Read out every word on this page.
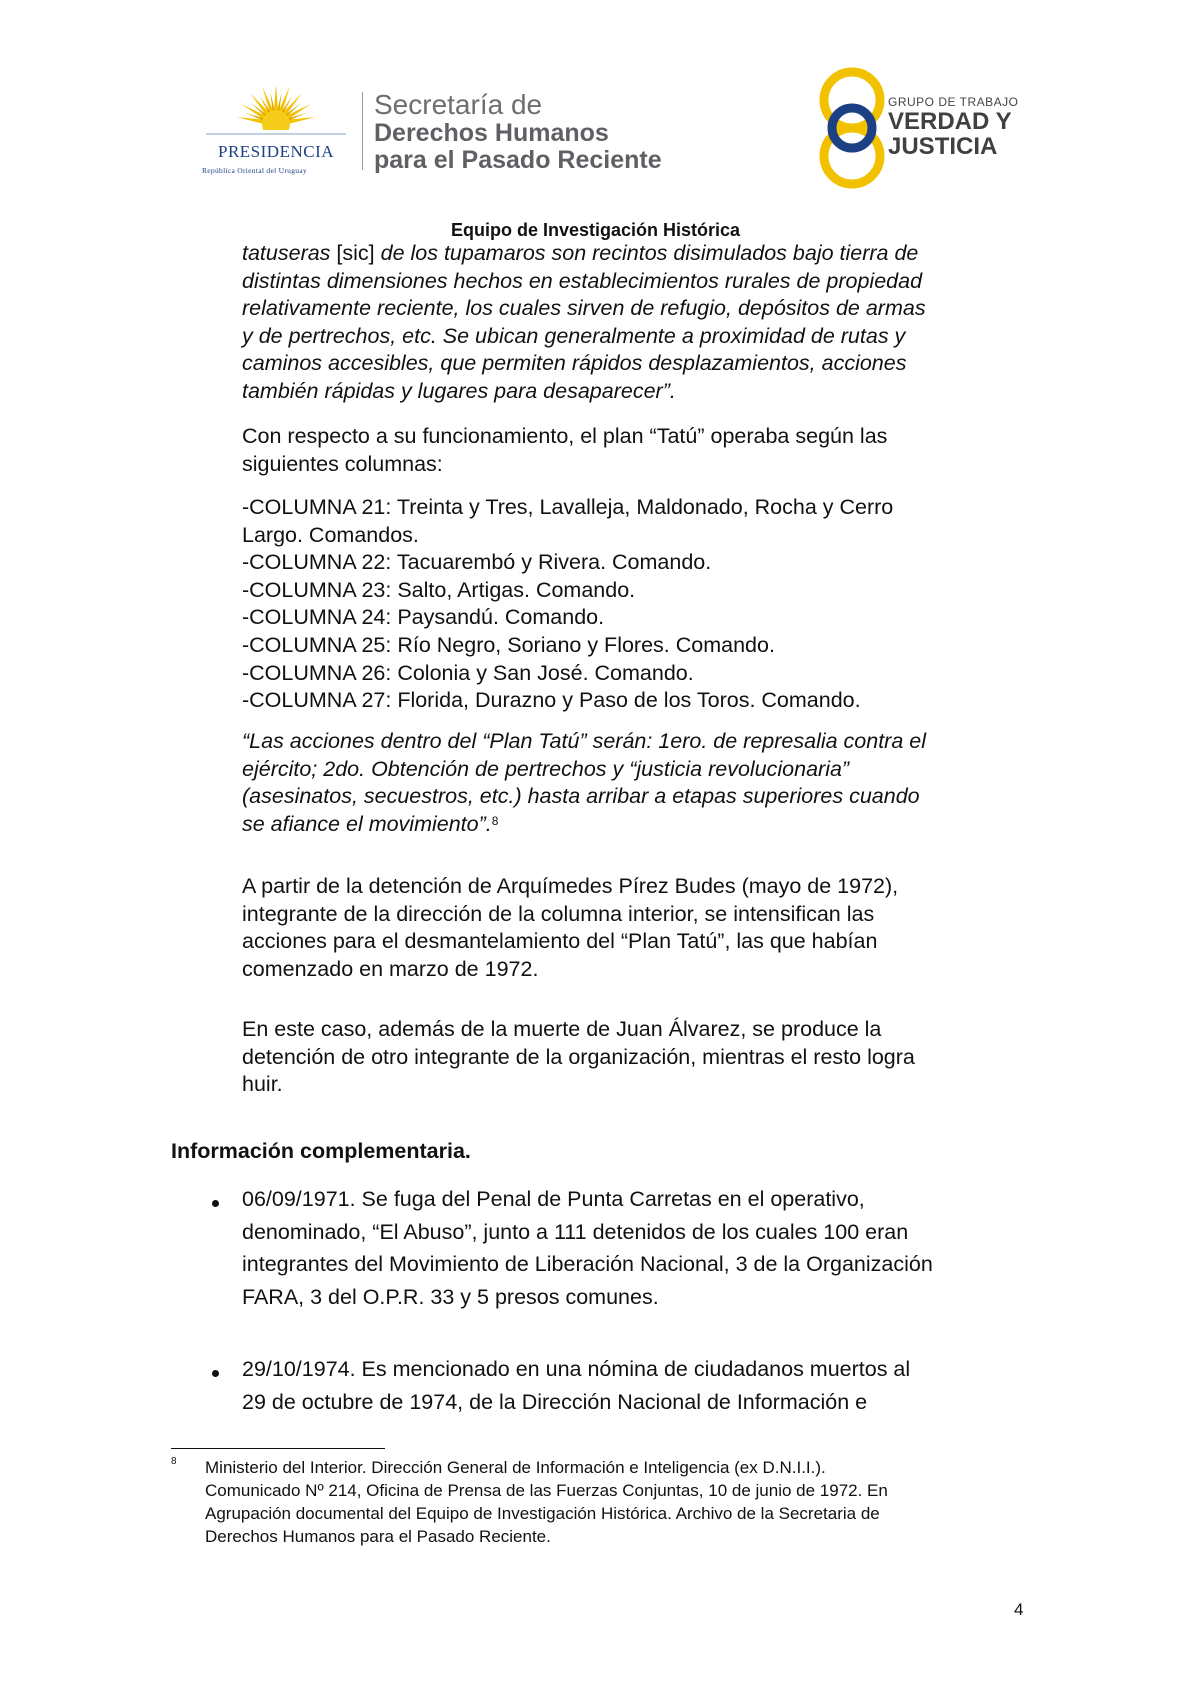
PRESIDENCIA
República Oriental del Uruguay
Secretaría de
Derechos Humanos
para el Pasado Reciente
GRUPO DE TRABAJO
VERDAD Y
JUSTICIA
Equipo de Investigación Histórica

tatuseras [sic] de los tupamaros son recintos disimulados bajo tierra de
distintas dimensiones hechos en establecimientos rurales de propiedad
relativamente reciente, los cuales sirven de refugio, depósitos de armas
y de pertrechos, etc. Se ubican generalmente a proximidad de rutas y
caminos accesibles, que permiten rápidos desplazamientos, acciones
también rápidas y lugares para desaparecer”.

Con respecto a su funcionamiento, el plan “Tatú” operaba según las
siguientes columnas:

-COLUMNA 21: Treinta y Tres, Lavalleja, Maldonado, Rocha y Cerro
Largo. Comandos.
-COLUMNA 22: Tacuarembó y Rivera. Comando.
-COLUMNA 23: Salto, Artigas. Comando.
-COLUMNA 24: Paysandú. Comando.
-COLUMNA 25: Río Negro, Soriano y Flores. Comando.
-COLUMNA 26: Colonia y San José. Comando.
-COLUMNA 27: Florida, Durazno y Paso de los Toros. Comando.

“Las acciones dentro del “Plan Tatú” serán: 1ero. de represalia contra el
ejército; 2do. Obtención de pertrechos y “justicia revolucionaria”
(asesinatos, secuestros, etc.) hasta arribar a etapas superiores cuando
se afiance el movimiento”.$^8$

A partir de la detención de Arquímedes Pírez Budes (mayo de 1972),
integrante de la dirección de la columna interior, se intensifican las
acciones para el desmantelamiento del “Plan Tatú”, las que habían
comenzado en marzo de 1972.

En este caso, además de la muerte de Juan Álvarez, se produce la
detención de otro integrante de la organización, mientras el resto logra
huir.

Información complementaria.

06/09/1971. Se fuga del Penal de Punta Carretas en el operativo,
denominado, “El Abuso”, junto a 111 detenidos de los cuales 100 eran
integrantes del Movimiento de Liberación Nacional, 3 de la Organización
FARA, 3 del O.P.R. 33 y 5 presos comunes.

29/10/1974. Es mencionado en una nómina de ciudadanos muertos al
29 de octubre de 1974, de la Dirección Nacional de Información e

8 Ministerio del Interior. Dirección General de Información e Inteligencia (ex D.N.I.I.).
Comunicado Nº 214, Oficina de Prensa de las Fuerzas Conjuntas, 10 de junio de 1972. En
Agrupación documental del Equipo de Investigación Histórica. Archivo de la Secretaria de
Derechos Humanos para el Pasado Reciente.

4
